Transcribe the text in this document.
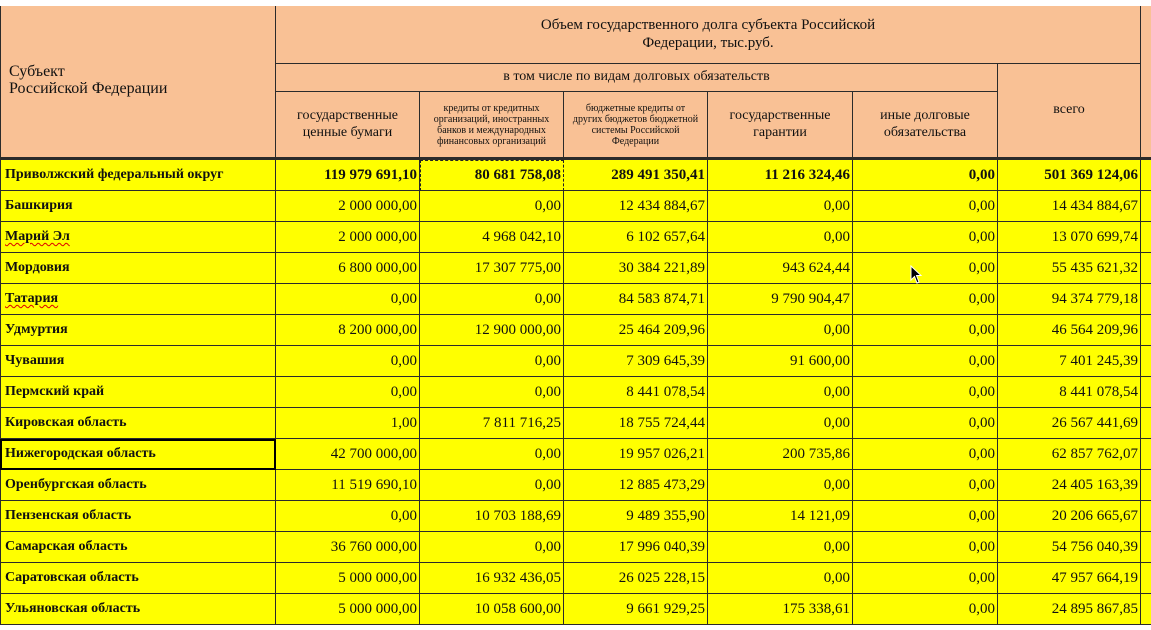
Субъект
Российской Федерации
Объем государственного долга субъекта Российской Федерации, тыс.руб.
в том числе по видам долговых обязательств
государственные ценные бумаги
кредиты от кредитных организаций, иностранных банков и международных финансовых организаций
бюджетные кредиты от других бюджетов бюджетной системы Российской Федерации
государственные гарантии
иные долговые обязательства
всего
Приволжский федеральный округ	119 979 691,10	80 681 758,08	289 491 350,41	11 216 324,46	0,00	501 369 124,06
Башкирия	2 000 000,00	0,00	12 434 884,67	0,00	0,00	14 434 884,67
Марий Эл	2 000 000,00	4 968 042,10	6 102 657,64	0,00	0,00	13 070 699,74
Мордовия	6 800 000,00	17 307 775,00	30 384 221,89	943 624,44	0,00	55 435 621,32
Татария	0,00	0,00	84 583 874,71	9 790 904,47	0,00	94 374 779,18
Удмуртия	8 200 000,00	12 900 000,00	25 464 209,96	0,00	0,00	46 564 209,96
Чувашия	0,00	0,00	7 309 645,39	91 600,00	0,00	7 401 245,39
Пермский край	0,00	0,00	8 441 078,54	0,00	0,00	8 441 078,54
Кировская область	1,00	7 811 716,25	18 755 724,44	0,00	0,00	26 567 441,69
Нижегородская область	42 700 000,00	0,00	19 957 026,21	200 735,86	0,00	62 857 762,07
Оренбургская область	11 519 690,10	0,00	12 885 473,29	0,00	0,00	24 405 163,39
Пензенская область	0,00	10 703 188,69	9 489 355,90	14 121,09	0,00	20 206 665,67
Самарская область	36 760 000,00	0,00	17 996 040,39	0,00	0,00	54 756 040,39
Саратовская область	5 000 000,00	16 932 436,05	26 025 228,15	0,00	0,00	47 957 664,19
Ульяновская область	5 000 000,00	10 058 600,00	9 661 929,25	175 338,61	0,00	24 895 867,85
